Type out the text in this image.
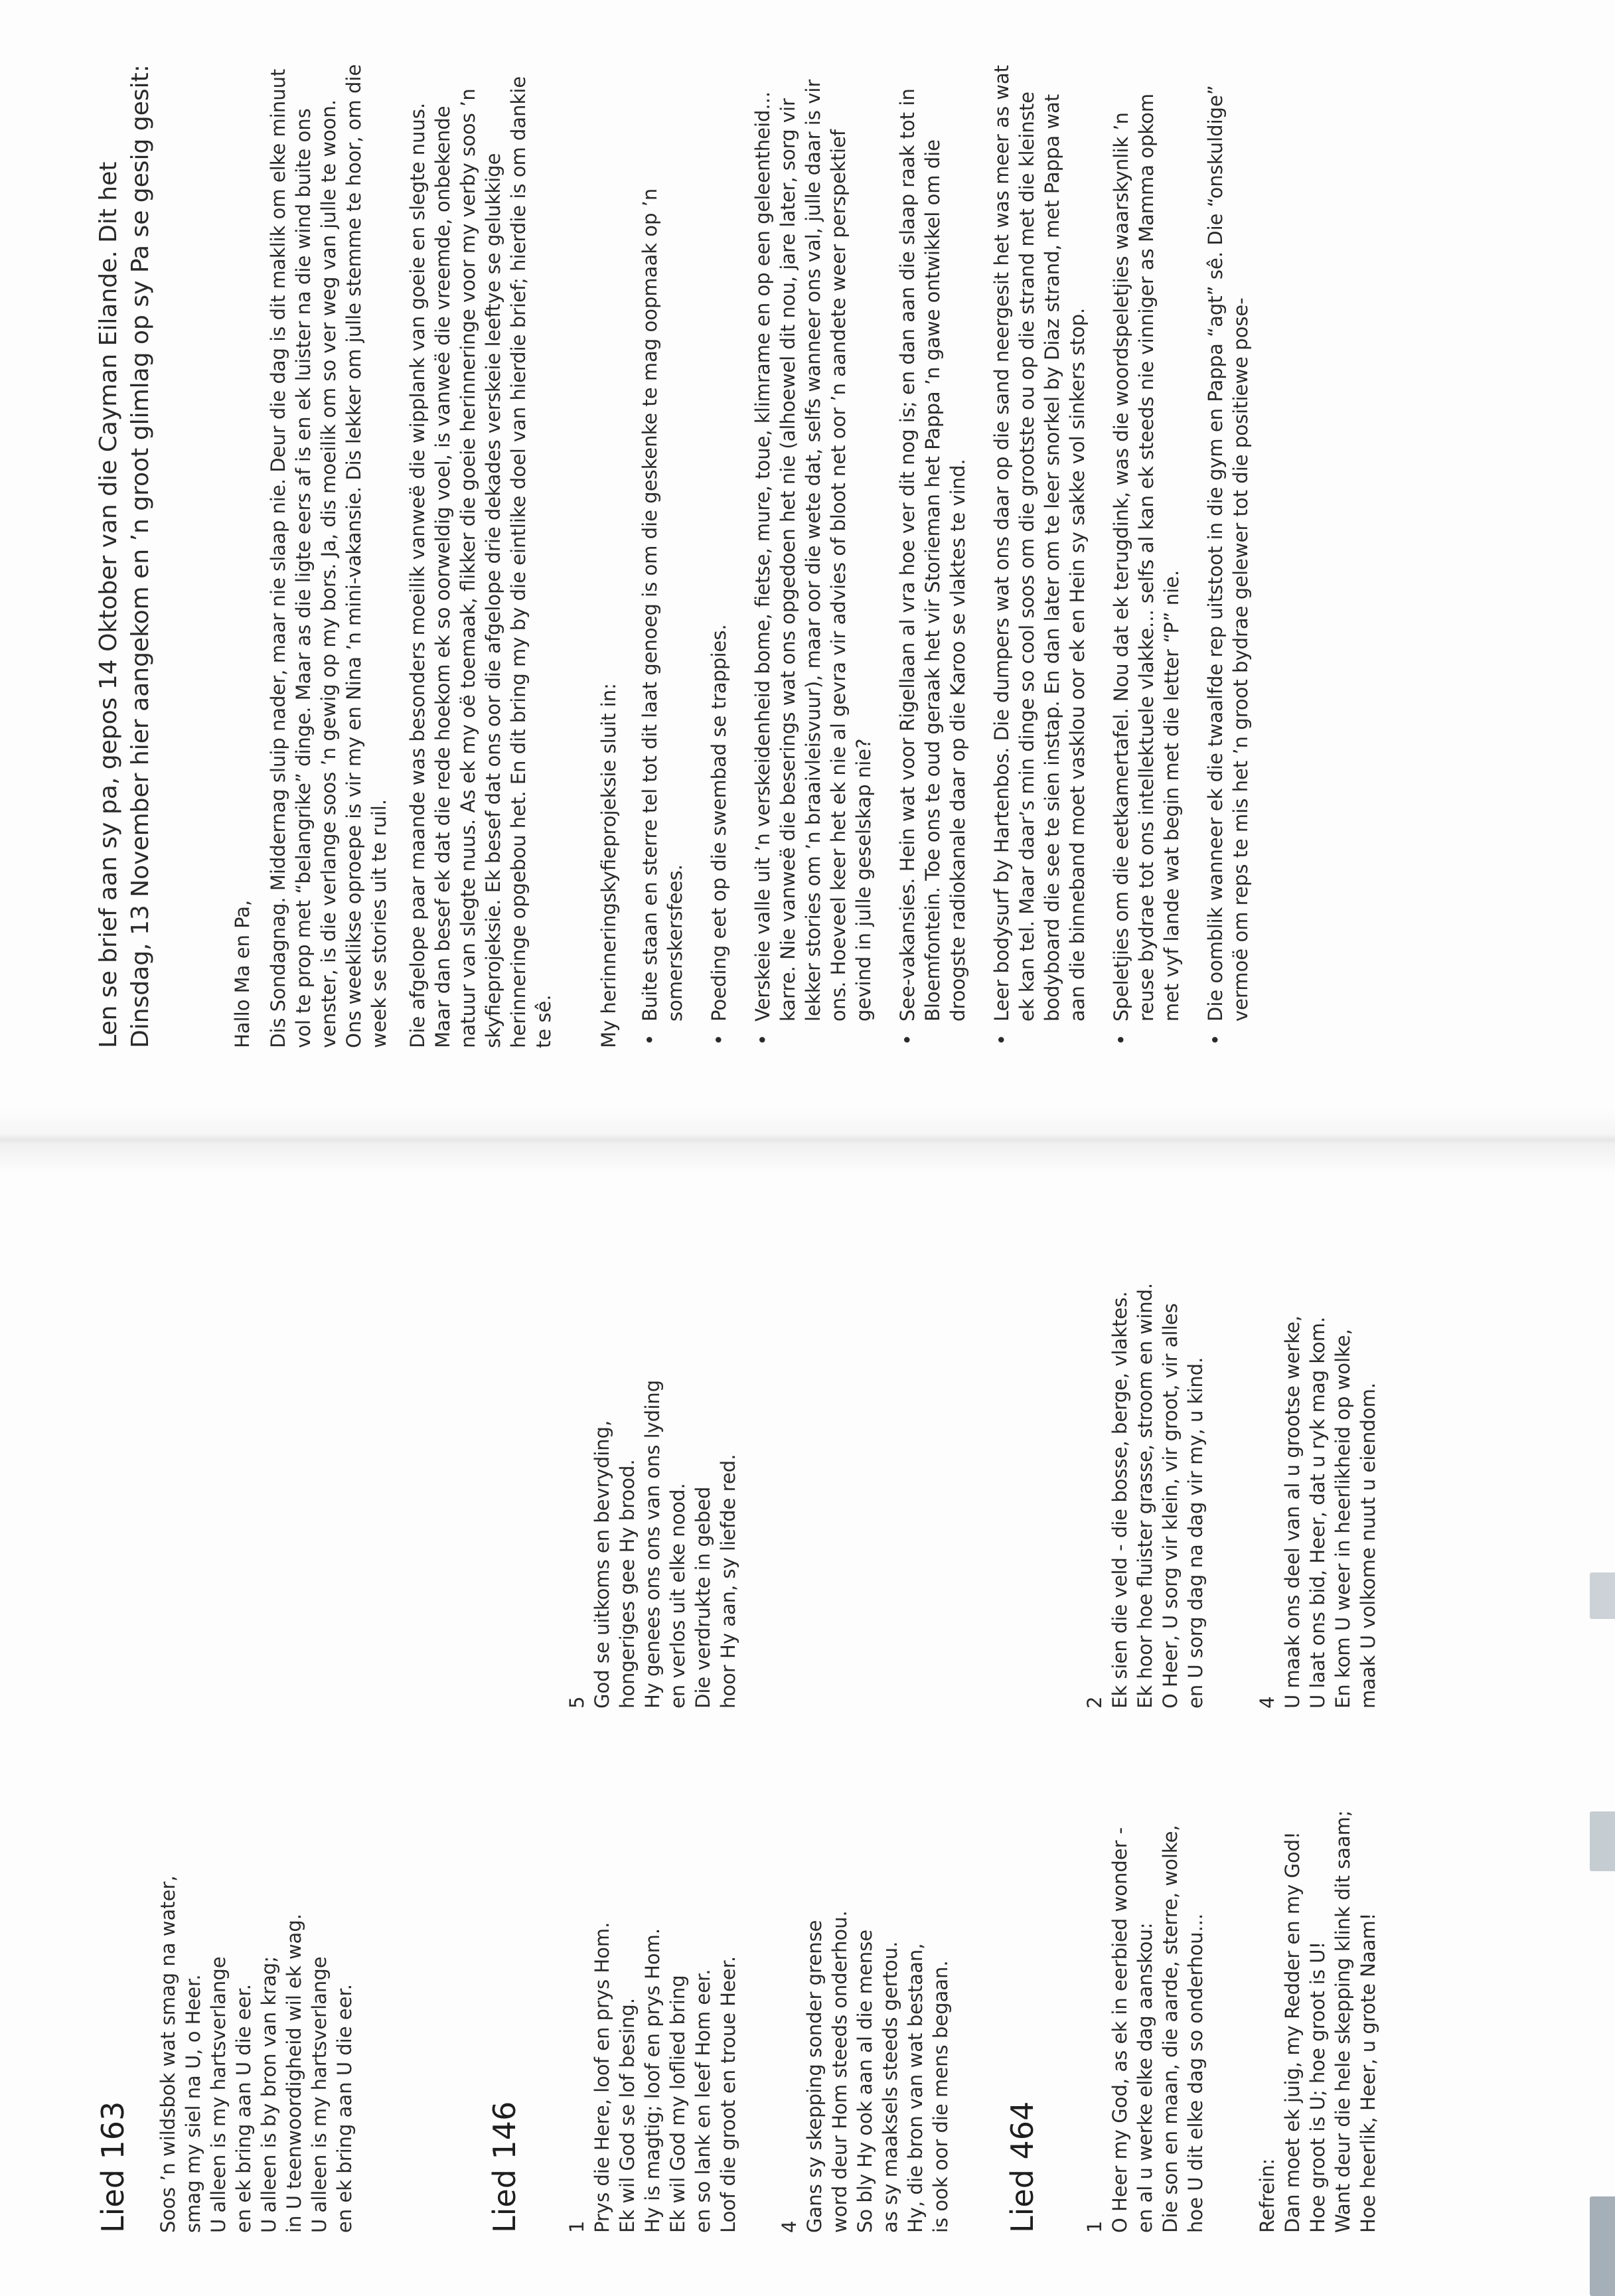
Lied 163 Soos ’n wildsbok wat smag na water, smag my siel na U, o Heer. U alleen is my hartsverlange en ek bring aan U die eer. U alleen is by bron van krag; in U teenwoordigheid wil ek wag. U alleen is my hartsverlange en ek bring aan U die eer.	Lied 146 1 Prys die Here, loof en prys Hom. Ek wil God se lof besing. Hy is magtig; loof en prys Hom. Ek wil God my loflied bring en so lank en leef Hom eer. Loof die groot en troue Heer.
5 God se uitkoms en bevryding, hongeriges gee Hy brood. Hy genees ons ons van ons lyding en verlos uit elke nood. Die verdrukte in gebed hoor Hy aan, sy liefde red.
4 Gans sy skepping sonder grense word deur Hom steeds onderhou. So bly Hy ook aan al die mense as sy maaksels steeds gertou. Hy, die bron van wat bestaan, is ook oor die mens begaan. Lied 464 1 O Heer my God, as ek in eerbied wonder - en al u werke elke dag aanskou: Die son en maan, die aarde, sterre, wolke, hoe U dit elke dag so onderhou...
2 Ek sien die veld - die bosse, berge, vlaktes. Ek hoor hoe fluister grasse, stroom en wind. O Heer, U sorg vir klein, vir groot, vir alles en U sorg dag na dag vir my, u kind.
Refrein: Dan moet ek juig, my Redder en my God! Hoe groot is U; hoe groot is U! Want deur die hele skepping klink dit saam; Hoe heerlik, Heer, u grote Naam!
4 U maak ons deel van al u grootse werke, U laat ons bid, Heer, dat u ryk mag kom. En kom U weer in heerlikheid op wolke, maak U volkome nuut u eiendom.

Len se brief aan sy pa, gepos 14 Oktober van die Cayman Eilande. Dit het Dinsdag, 13 November hier aangekom en ’n groot glimlag op sy Pa se gesig gesit:	Hallo Ma en Pa, Dis Sondagnag. Middernag sluip nader, maar nie slaap nie. Deur die dag is dit maklik om elke minuut vol te prop met “belangrike” dinge. Maar as die ligte eers af is en ek luister na die wind buite ons venster, is die verlange soos ’n gewig op my bors. Ja, dis moeilik om so ver weg van julle te woon. Ons weeklikse oproepe is vir my en Nina ’n mini-vakansie. Dis lekker om julle stemme te hoor, om die week se stories uit te ruil. Die afgelope paar maande was besonders moeilik vanweë die wipplank van goeie en slegte nuus. Maar dan besef ek dat die rede hoekom ek so oorweldig voel, is vanweë die vreemde, onbekende natuur van slegte nuus. As ek my oë toemaak, flikker die goeie herinneringe voor my verby soos ’n skyfieprojeksie. Ek besef dat ons oor die afgelope drie dekades verskeie leeftye se gelukkige herinneringe opgebou het. En dit bring my by die eintlike doel van hierdie brief; hierdie is om dankie te sê. My herinneringskyfieprojeksie sluit in: • Buite staan en sterre tel tot dit laat genoeg is om die geskenke te mag oopmaak op ’n somerskersfees. • Poeding eet op die swembad se trappies. • Verskeie valle uit ’n verskeidenheid bome, fietse, mure, toue, klimrame en op een geleentheid... karre. Nie vanweë die beserings wat ons opgedoen het nie (alhoewel dit nou, jare later, sorg vir lekker stories om ’n braaivleisvuur), maar oor die wete dat, selfs wanneer ons val, julle daar is vir ons. Hoeveel keer het ek nie al gevra vir advies of bloot net oor ’n aandete weer perspektief gevind in julle geselskap nie? • See-vakansies. Hein wat voor Rigellaan al vra hoe ver dit nog is; en dan aan die slaap raak tot in Bloemfontein. Toe ons te oud geraak het vir Storieman het Pappa ’n gawe ontwikkel om die droogste radiokanale daar op die Karoo se vlaktes te vind. • Leer bodysurf by Hartenbos. Die dumpers wat ons daar op die sand neergesit het was meer as wat ek kan tel. Maar daar’s min dinge so cool soos om die grootste ou op die strand met die kleinste bodyboard die see te sien instap. En dan later om te leer snorkel by Diaz strand, met Pappa wat aan die binneband moet vasklou oor ek en Hein sy sakke vol sinkers stop. • Speletjies om die eetkamertafel. Nou dat ek terugdink, was die woordspeletjies waarskynlik ’n reuse bydrae tot ons intellektuele vlakke... selfs al kan ek steeds nie vinniger as Mamma opkom met vyf lande wat begin met die letter “P” nie. • Die oomblik wanneer ek die twaalfde rep uitstoot in die gym en Pappa “agt” sê. Die “onskuldige” vermoë om reps te mis het ’n groot bydrae gelewer tot die positiewe pose-
